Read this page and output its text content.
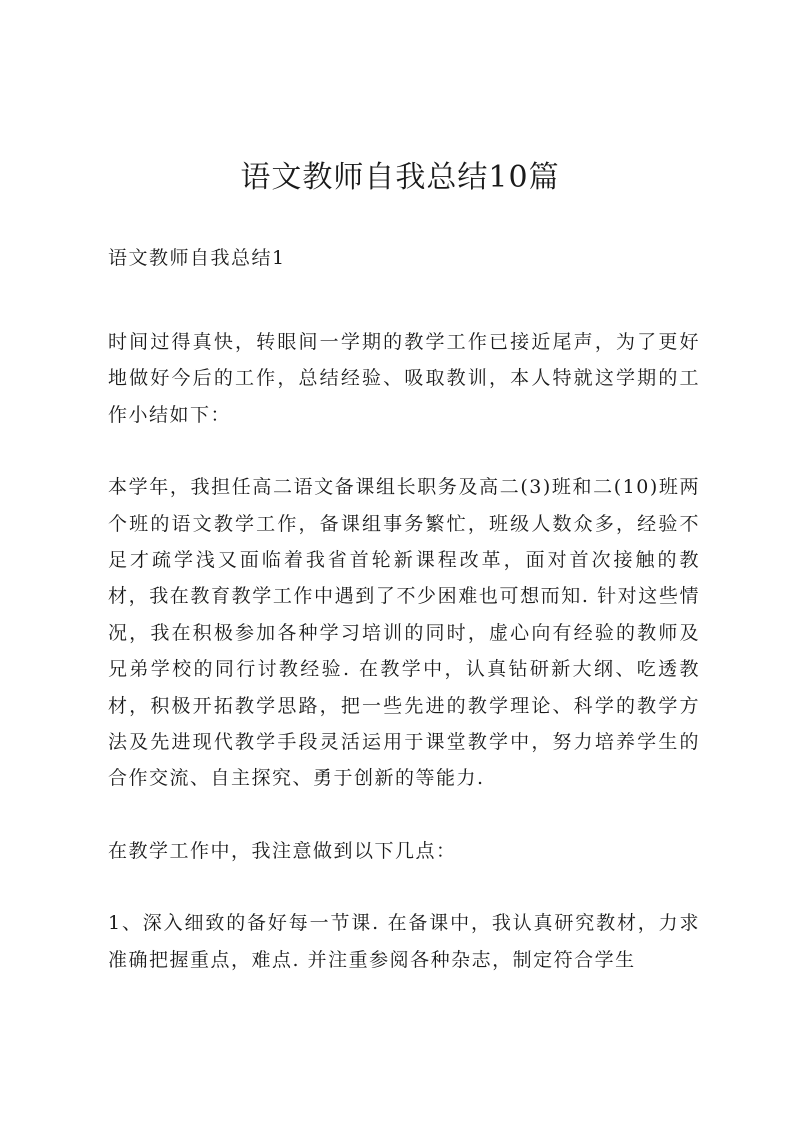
语文教师自我总结10篇
语文教师自我总结1

时间过得真快，转眼间一学期的教学工作已接近尾声，为了更好地做好今后的工作，总结经验、吸取教训，本人特就这学期的工作小结如下：

本学年，我担任高二语文备课组长职务及高二(3)班和二(10)班两个班的语文教学工作，备课组事务繁忙，班级人数众多，经验不足才疏学浅又面临着我省首轮新课程改革，面对首次接触的教材，我在教育教学工作中遇到了不少困难也可想而知. 针对这些情况，我在积极参加各种学习培训的同时，虚心向有经验的教师及兄弟学校的同行讨教经验. 在教学中，认真钻研新大纲、吃透教材，积极开拓教学思路，把一些先进的教学理论、科学的教学方法及先进现代教学手段灵活运用于课堂教学中，努力培养学生的合作交流、自主探究、勇于创新的等能力.

在教学工作中，我注意做到以下几点：

1、深入细致的备好每一节课. 在备课中，我认真研究教材，力求准确把握重点，难点. 并注重参阅各种杂志，制定符合学生
